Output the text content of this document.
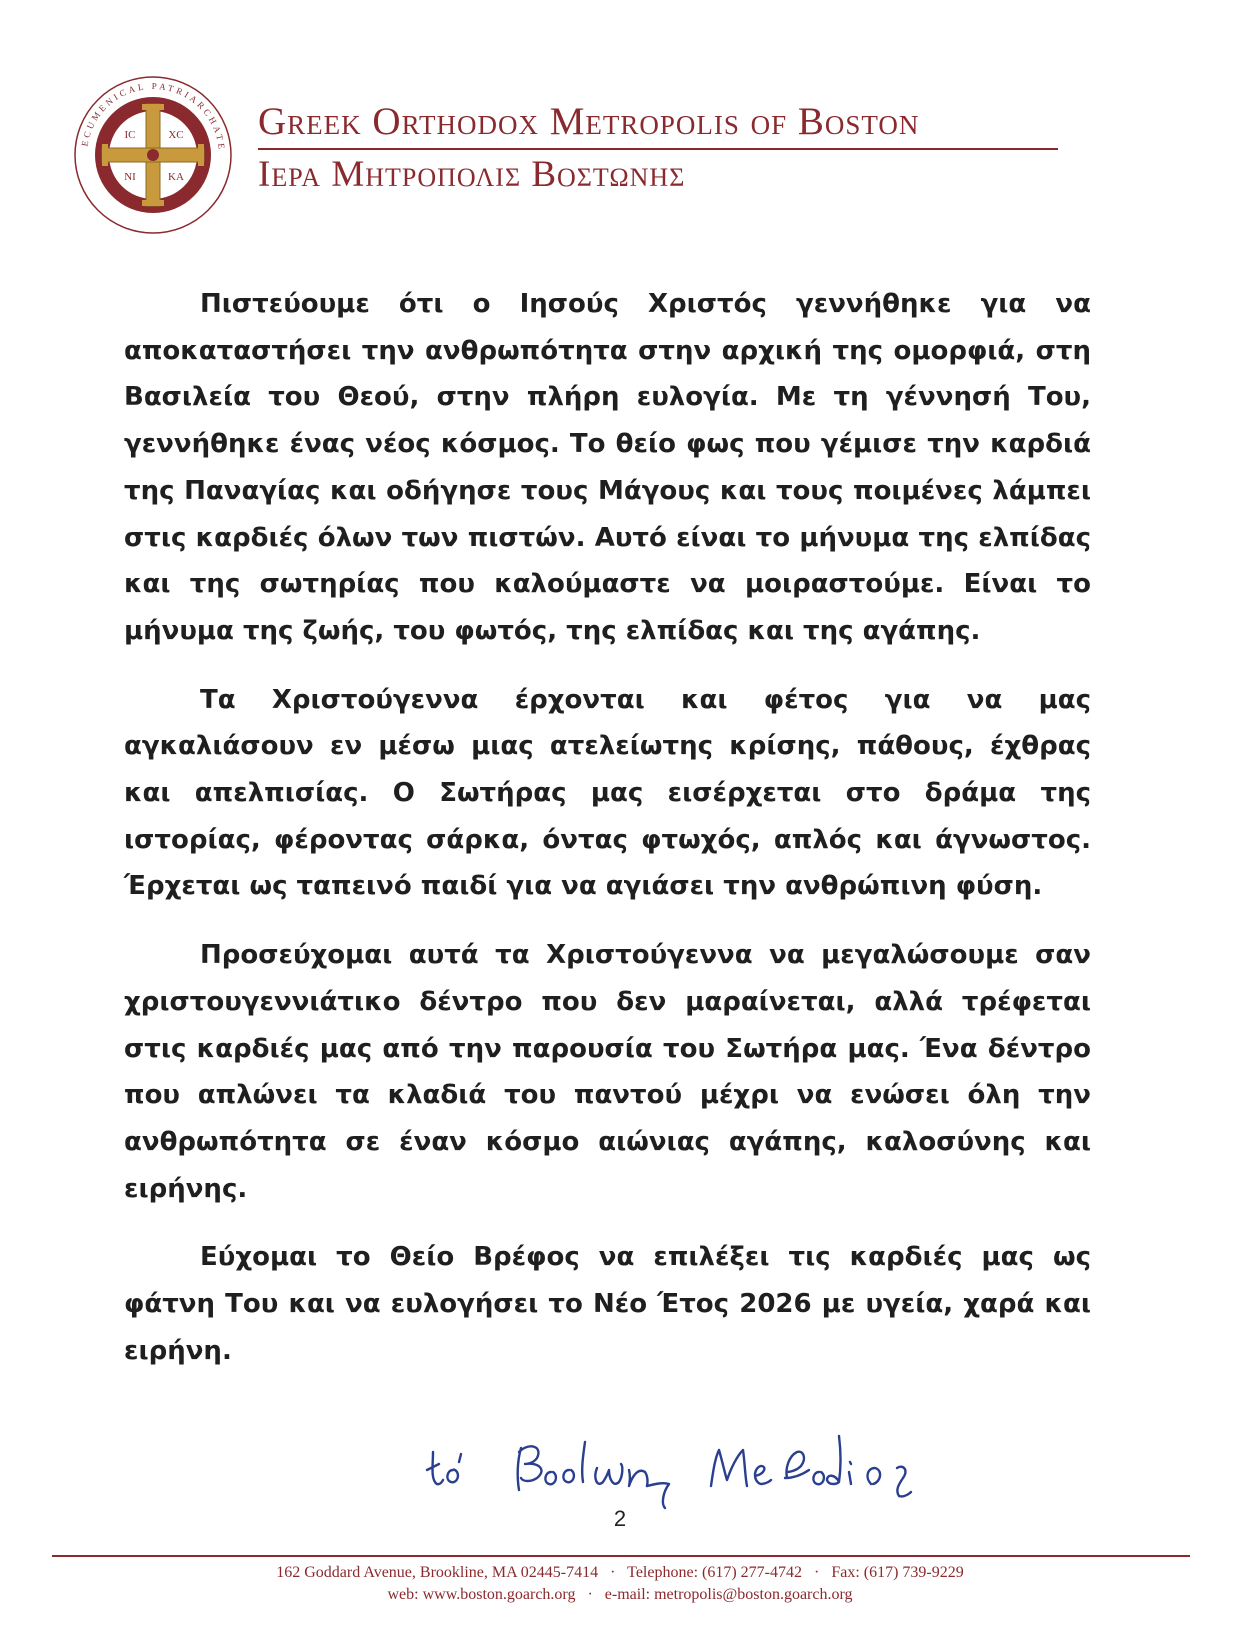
ECUMENICAL PATRIARCHATE
IC	XC
NI	KA
Greek Orthodox Metropolis of Boston
Ιερα Μητροπολις Βοστωνης

Πιστεύουμε ότι ο Ιησούς Χριστός γεννήθηκε για να αποκαταστήσει την ανθρωπότητα στην αρχική της ομορφιά, στη Βασιλεία του Θεού, στην πλήρη ευλογία. Με τη γέννησή Του, γεννήθηκε ένας νέος κόσμος. Το θείο φως που γέμισε την καρδιά της Παναγίας και οδήγησε τους Μάγους και τους ποιμένες λάμπει στις καρδιές όλων των πιστών. Αυτό είναι το μήνυμα της ελπίδας και της σωτηρίας που καλούμαστε να μοιραστούμε. Είναι το μήνυμα της ζωής, του φωτός, της ελπίδας και της αγάπης.

Τα Χριστούγεννα έρχονται και φέτος για να μας αγκαλιάσουν εν μέσω μιας ατελείωτης κρίσης, πάθους, έχθρας και απελπισίας. Ο Σωτήρας μας εισέρχεται στο δράμα της ιστορίας, φέροντας σάρκα, όντας φτωχός, απλός και άγνωστος. Έρχεται ως ταπεινό παιδί για να αγιάσει την ανθρώπινη φύση.

Προσεύχομαι αυτά τα Χριστούγεννα να μεγαλώσουμε σαν χριστουγεννιάτικο δέντρο που δεν μαραίνεται, αλλά τρέφεται στις καρδιές μας από την παρουσία του Σωτήρα μας. Ένα δέντρο που απλώνει τα κλαδιά του παντού μέχρι να ενώσει όλη την ανθρωπότητα σε έναν κόσμο αιώνιας αγάπης, καλοσύνης και ειρήνης.

Εύχομαι το Θείο Βρέφος να επιλέξει τις καρδιές μας ως φάτνη Του και να ευλογήσει το Νέο Έτος 2026 με υγεία, χαρά και ειρήνη.

2
162 Goddard Avenue, Brookline, MA 02445-7414 · Telephone: (617) 277-4742 · Fax: (617) 739-9229
web: www.boston.goarch.org · e-mail: metropolis@boston.goarch.org
